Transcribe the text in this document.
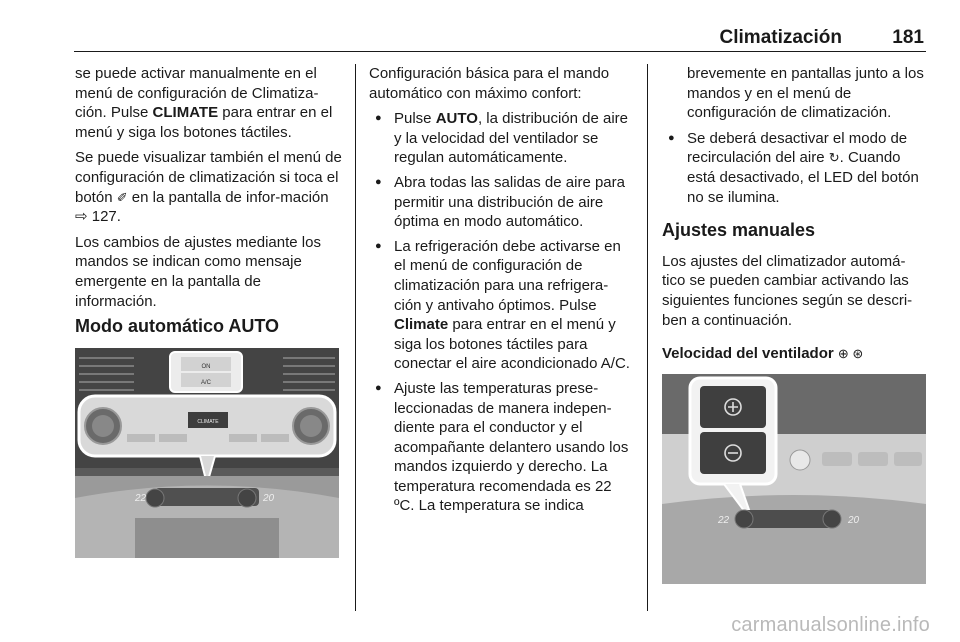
Climatización	181

se puede activar manualmente en el menú de configuración de Climatiza-ción. Pulse CLIMATE para entrar en el menú y siga los botones táctiles.

Se puede visualizar también el menú de configuración de climatización si toca el botón ✐ en la pantalla de infor-mación ⇨ 127.

Los cambios de ajustes mediante los mandos se indican como mensaje emergente en la pantalla de información.

Modo automático AUTO
ON
A/C
CLIMATE
22	20

Configuración básica para el mando automático con máximo confort:

● Pulse AUTO, la distribución de aire y la velocidad del ventilador se regulan automáticamente.
● Abra todas las salidas de aire para permitir una distribución de aire óptima en modo automático.
● La refrigeración debe activarse en el menú de configuración de climatización para una refrigera-ción y antivaho óptimos. Pulse Climate para entrar en el menú y siga los botones táctiles para conectar el aire acondicionado A/C.
● Ajuste las temperaturas prese-leccionadas de manera indepen-diente para el conductor y el acompañante delantero usando los mandos izquierdo y derecho. La temperatura recomendada es 22 ºC. La temperatura se indica

brevemente en pantallas junto a los mandos y en el menú de configuración de climatización.

● Se deberá desactivar el modo de recirculación del aire ↻. Cuando está desactivado, el LED del botón no se ilumina.
Ajustes manuales

Los ajustes del climatizador automá-tico se pueden cambiar activando las siguientes funciones según se descri-ben a continuación.

Velocidad del ventilador ⊕ ⊛
22	20
carmanualsonline.info
